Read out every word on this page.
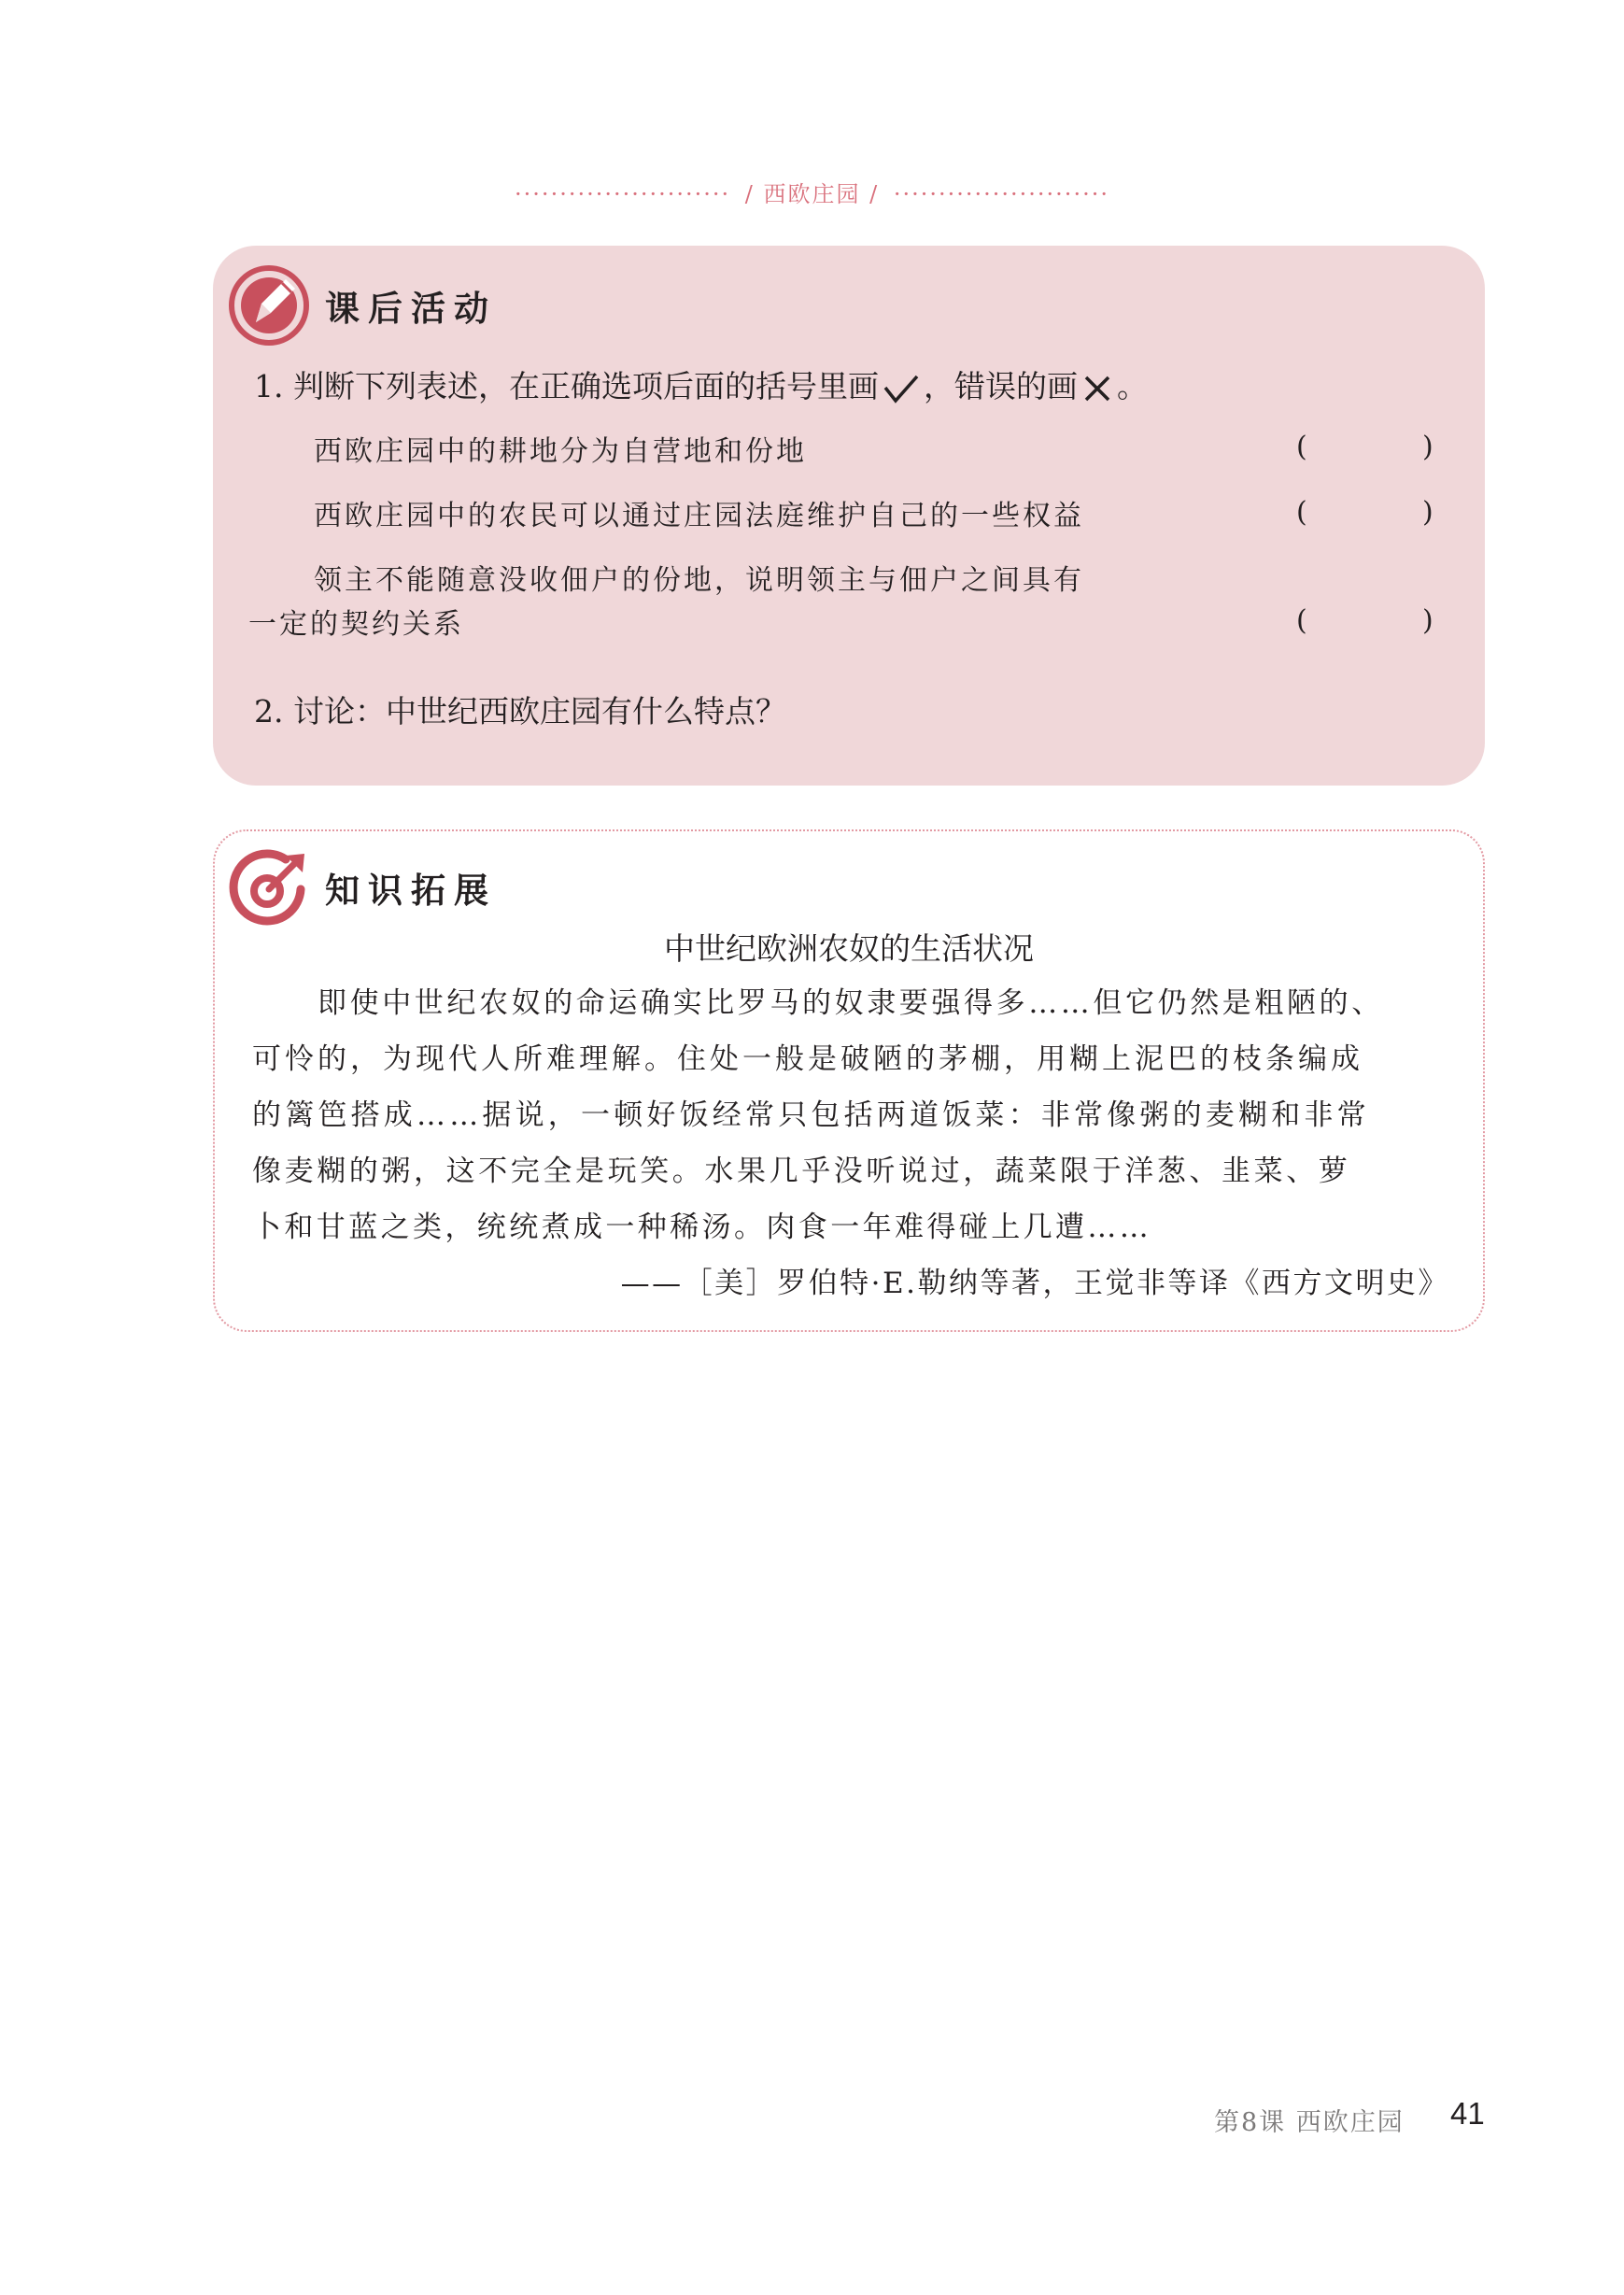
························ / 西欧庄园 / ························
课后活动
1. 判断下列表述，在正确选项后面的括号里画 ，错误的画 。
西欧庄园中的耕地分为自营地和份地	(	)
西欧庄园中的农民可以通过庄园法庭维护自己的一些权益	(	)
领主不能随意没收佃户的份地，说明领主与佃户之间具有
一定的契约关系	(	)
2. 讨论：中世纪西欧庄园有什么特点？
知识拓展
中世纪欧洲农奴的生活状况
即使中世纪农奴的命运确实比罗马的奴隶要强得多……但它仍然是粗陋的、
可怜的，为现代人所难理解。住处一般是破陋的茅棚，用糊上泥巴的枝条编成
的篱笆搭成……据说，一顿好饭经常只包括两道饭菜：非常像粥的麦糊和非常
像麦糊的粥，这不完全是玩笑。水果几乎没听说过，蔬菜限于洋葱、韭菜、萝
卜和甘蓝之类，统统煮成一种稀汤。肉食一年难得碰上几遭……
——［美］罗伯特·E.勒纳等著，王觉非等译《西方文明史》
第8课 西欧庄园 41
